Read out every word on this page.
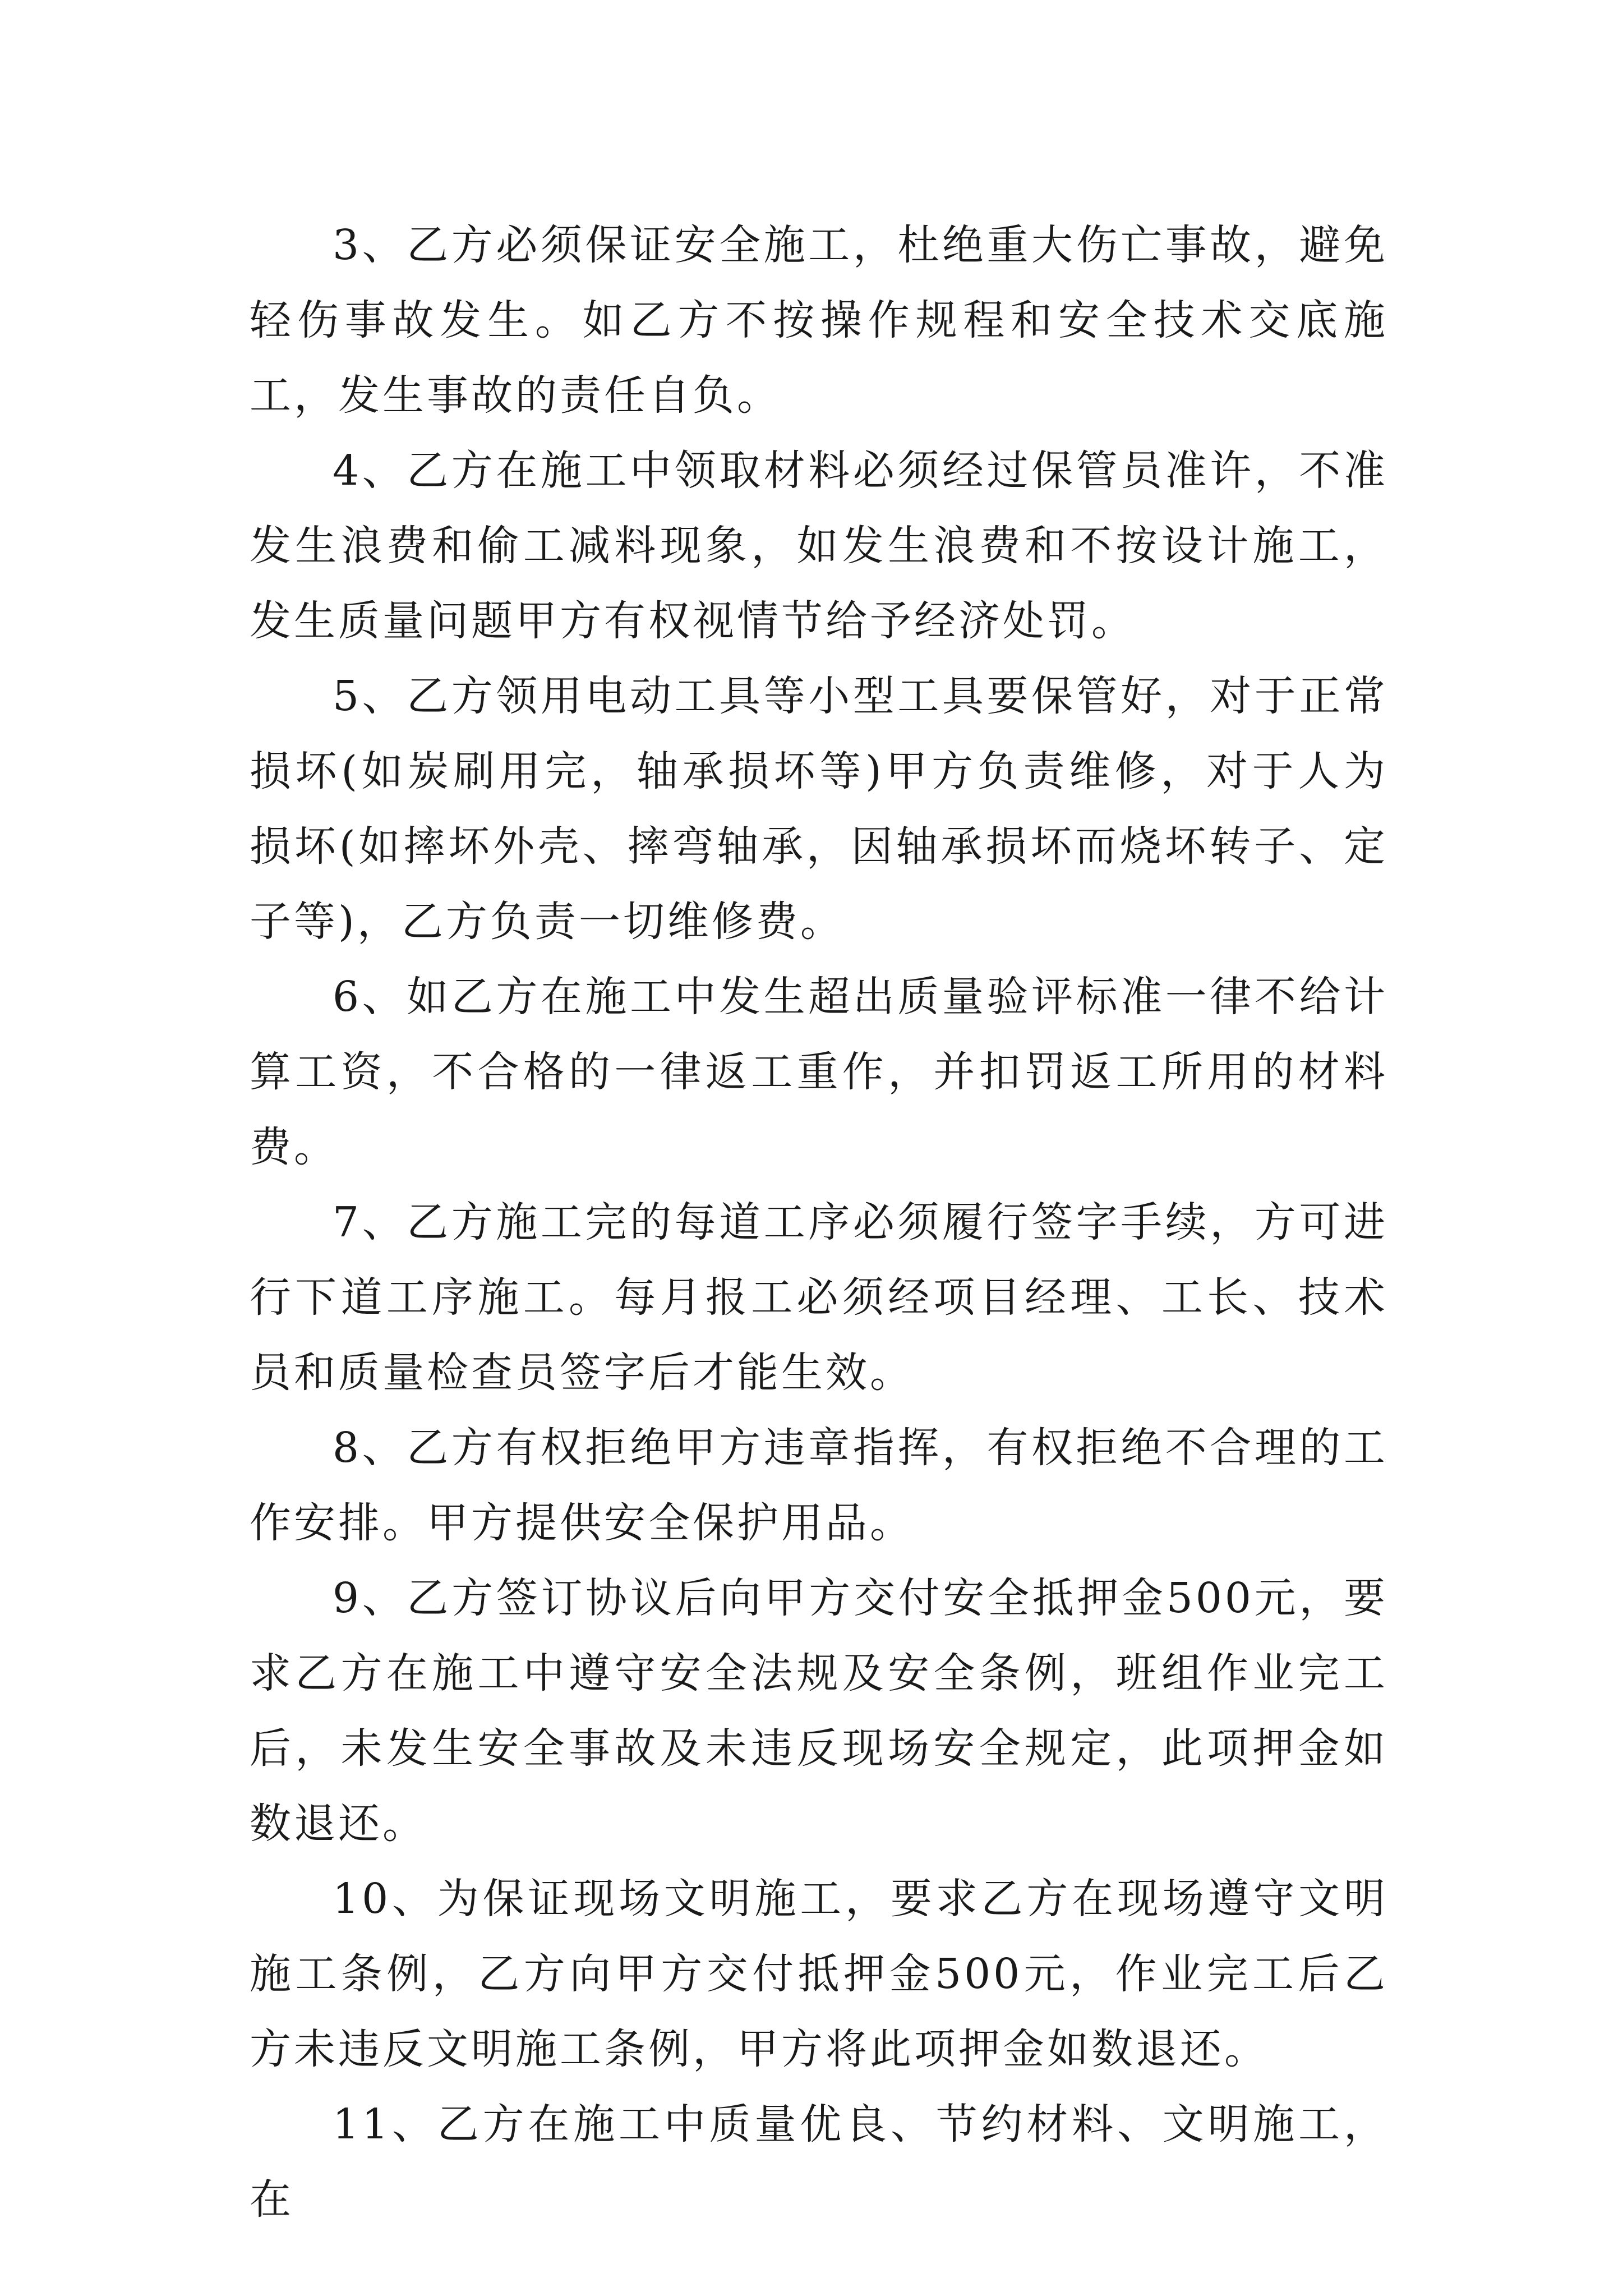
3、乙方必须保证安全施工，杜绝重大伤亡事故，避免轻伤事故发生。如乙方不按操作规程和安全技术交底施工，发生事故的责任自负。

4、乙方在施工中领取材料必须经过保管员准许，不准发生浪费和偷工减料现象，如发生浪费和不按设计施工，发生质量问题甲方有权视情节给予经济处罚。

5、乙方领用电动工具等小型工具要保管好，对于正常损坏(如炭刷用完，轴承损坏等)甲方负责维修，对于人为损坏(如摔坏外壳、摔弯轴承，因轴承损坏而烧坏转子、定子等)，乙方负责一切维修费。

6、如乙方在施工中发生超出质量验评标准一律不给计算工资，不合格的一律返工重作，并扣罚返工所用的材料费。

7、乙方施工完的每道工序必须履行签字手续，方可进行下道工序施工。每月报工必须经项目经理、工长、技术员和质量检查员签字后才能生效。

8、乙方有权拒绝甲方违章指挥，有权拒绝不合理的工作安排。甲方提供安全保护用品。

9、乙方签订协议后向甲方交付安全抵押金500元，要求乙方在施工中遵守安全法规及安全条例，班组作业完工后，未发生安全事故及未违反现场安全规定，此项押金如数退还。

10、为保证现场文明施工，要求乙方在现场遵守文明施工条例，乙方向甲方交付抵押金500元，作业完工后乙方未违反文明施工条例，甲方将此项押金如数退还。

11、乙方在施工中质量优良、节约材料、文明施工，在
